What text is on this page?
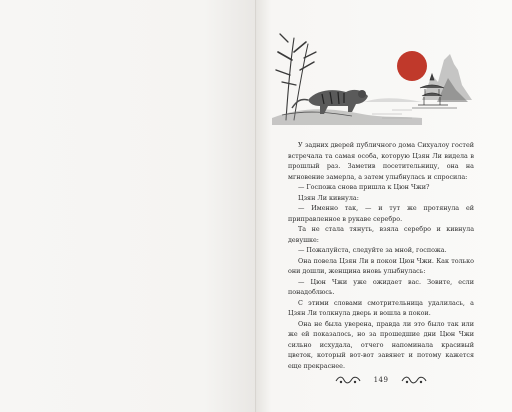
У задних дверей публичного дома Сихуалоу гостей встречала та самая особа, которую Цзян Ли видела в прошлый раз. Заметив посетительницу, она на мгновение замерла, а затем улыбнулась и спросила:

— Госпожа снова пришла к Цюн Чжи?

Цзян Ли кивнула:

— Именно так, — и тут же протянула ей приправленное в рукаве серебро.

Та не стала тянуть, взяла серебро и кивнула девушке:

— Пожалуйста, следуйте за мной, госпожа.

Она повела Цзян Ли в покои Цюн Чжи. Как только они дошли, женщина вновь улыбнулась:

— Цюн Чжи уже ожидает вас. Зовите, если понадоблюсь.

С этими словами смотрительница удалилась, а Цзян Ли толкнула дверь и вошла в покои.

Она не была уверена, правда ли это было так или же ей показалось, но за прошедшие дни Цюн Чжи сильно исхудала, отчего напоминала красивый цветок, который вот-вот завянет и потому кажется еще прекраснее.

149
